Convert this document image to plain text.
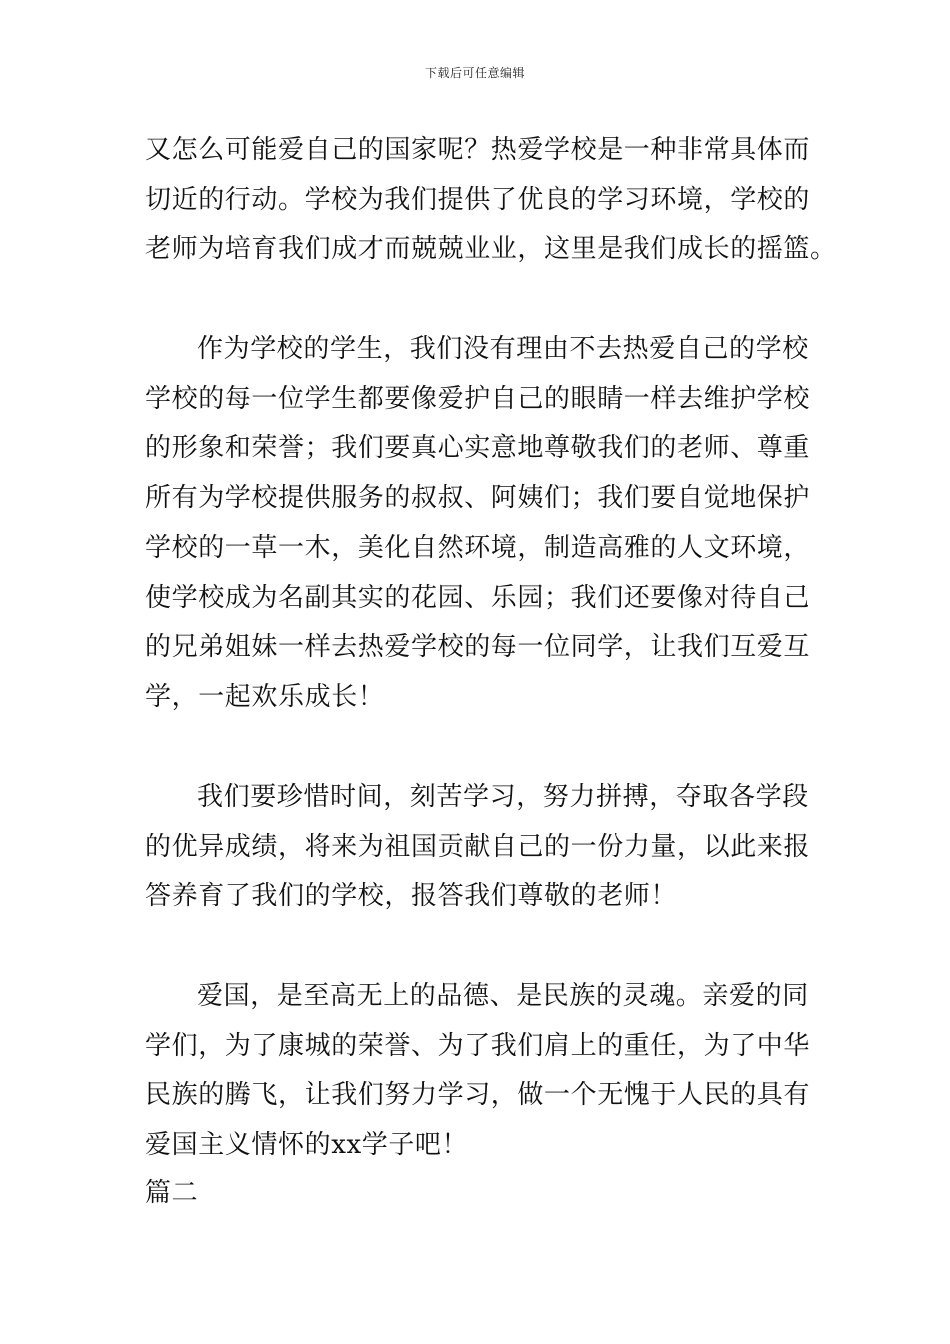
下载后可任意编辑
又怎么可能爱自己的国家呢？热爱学校是一种非常具体而
切近的行动。学校为我们提供了优良的学习环境，学校的
老师为培育我们成才而兢兢业业，这里是我们成长的摇篮。
作为学校的学生，我们没有理由不去热爱自己的学校
学校的每一位学生都要像爱护自己的眼睛一样去维护学校
的形象和荣誉；我们要真心实意地尊敬我们的老师、尊重
所有为学校提供服务的叔叔、阿姨们；我们要自觉地保护
学校的一草一木，美化自然环境，制造高雅的人文环境，
使学校成为名副其实的花园、乐园；我们还要像对待自己
的兄弟姐妹一样去热爱学校的每一位同学，让我们互爱互
学，一起欢乐成长！
我们要珍惜时间，刻苦学习，努力拼搏，夺取各学段
的优异成绩，将来为祖国贡献自己的一份力量，以此来报
答养育了我们的学校，报答我们尊敬的老师！
爱国，是至高无上的品德、是民族的灵魂。亲爱的同
学们，为了康城的荣誉、为了我们肩上的重任，为了中华
民族的腾飞，让我们努力学习，做一个无愧于人民的具有
爱国主义情怀的xx学子吧！
篇二
